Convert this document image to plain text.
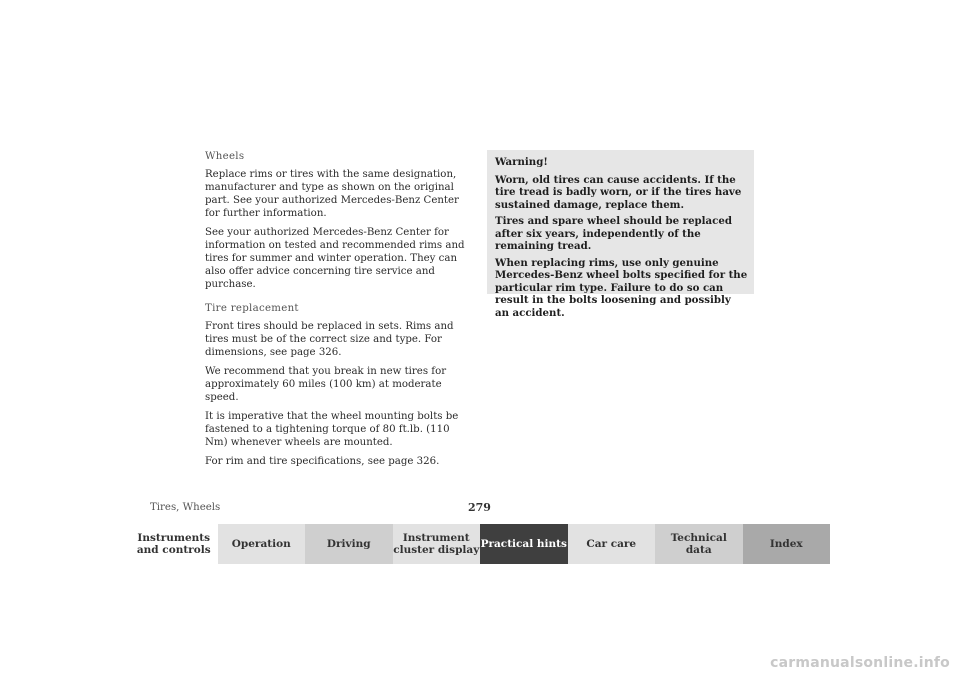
Wheels

Replace rims or tires with the same designation, manufacturer and type as shown on the original part. See your authorized Mercedes-Benz Center for further information.

See your authorized Mercedes-Benz Center for information on tested and recommended rims and tires for summer and winter operation. They can also offer advice concerning tire service and purchase.

Tire replacement

Front tires should be replaced in sets. Rims and tires must be of the correct size and type. For dimensions, see page 326.

We recommend that you break in new tires for approximately 60 miles (100 km) at moderate speed.

It is imperative that the wheel mounting bolts be fastened to a tightening torque of 80 ft.lb. (110 Nm) whenever wheels are mounted.

For rim and tire specifications, see page 326.

Warning!

Worn, old tires can cause accidents. If the tire tread is badly worn, or if the tires have sustained damage, replace them.

Tires and spare wheel should be replaced after six years, independently of the remaining tread.

When replacing rims, use only genuine Mercedes-Benz wheel bolts specified for the particular rim type. Failure to do so can result in the bolts loosening and possibly an accident.

Tires, Wheels	279
Instruments
and controls
Operation	Driving
Instrument
cluster display
Practical hints	Car care
Technical
data
Index
carmanualsonline.info
